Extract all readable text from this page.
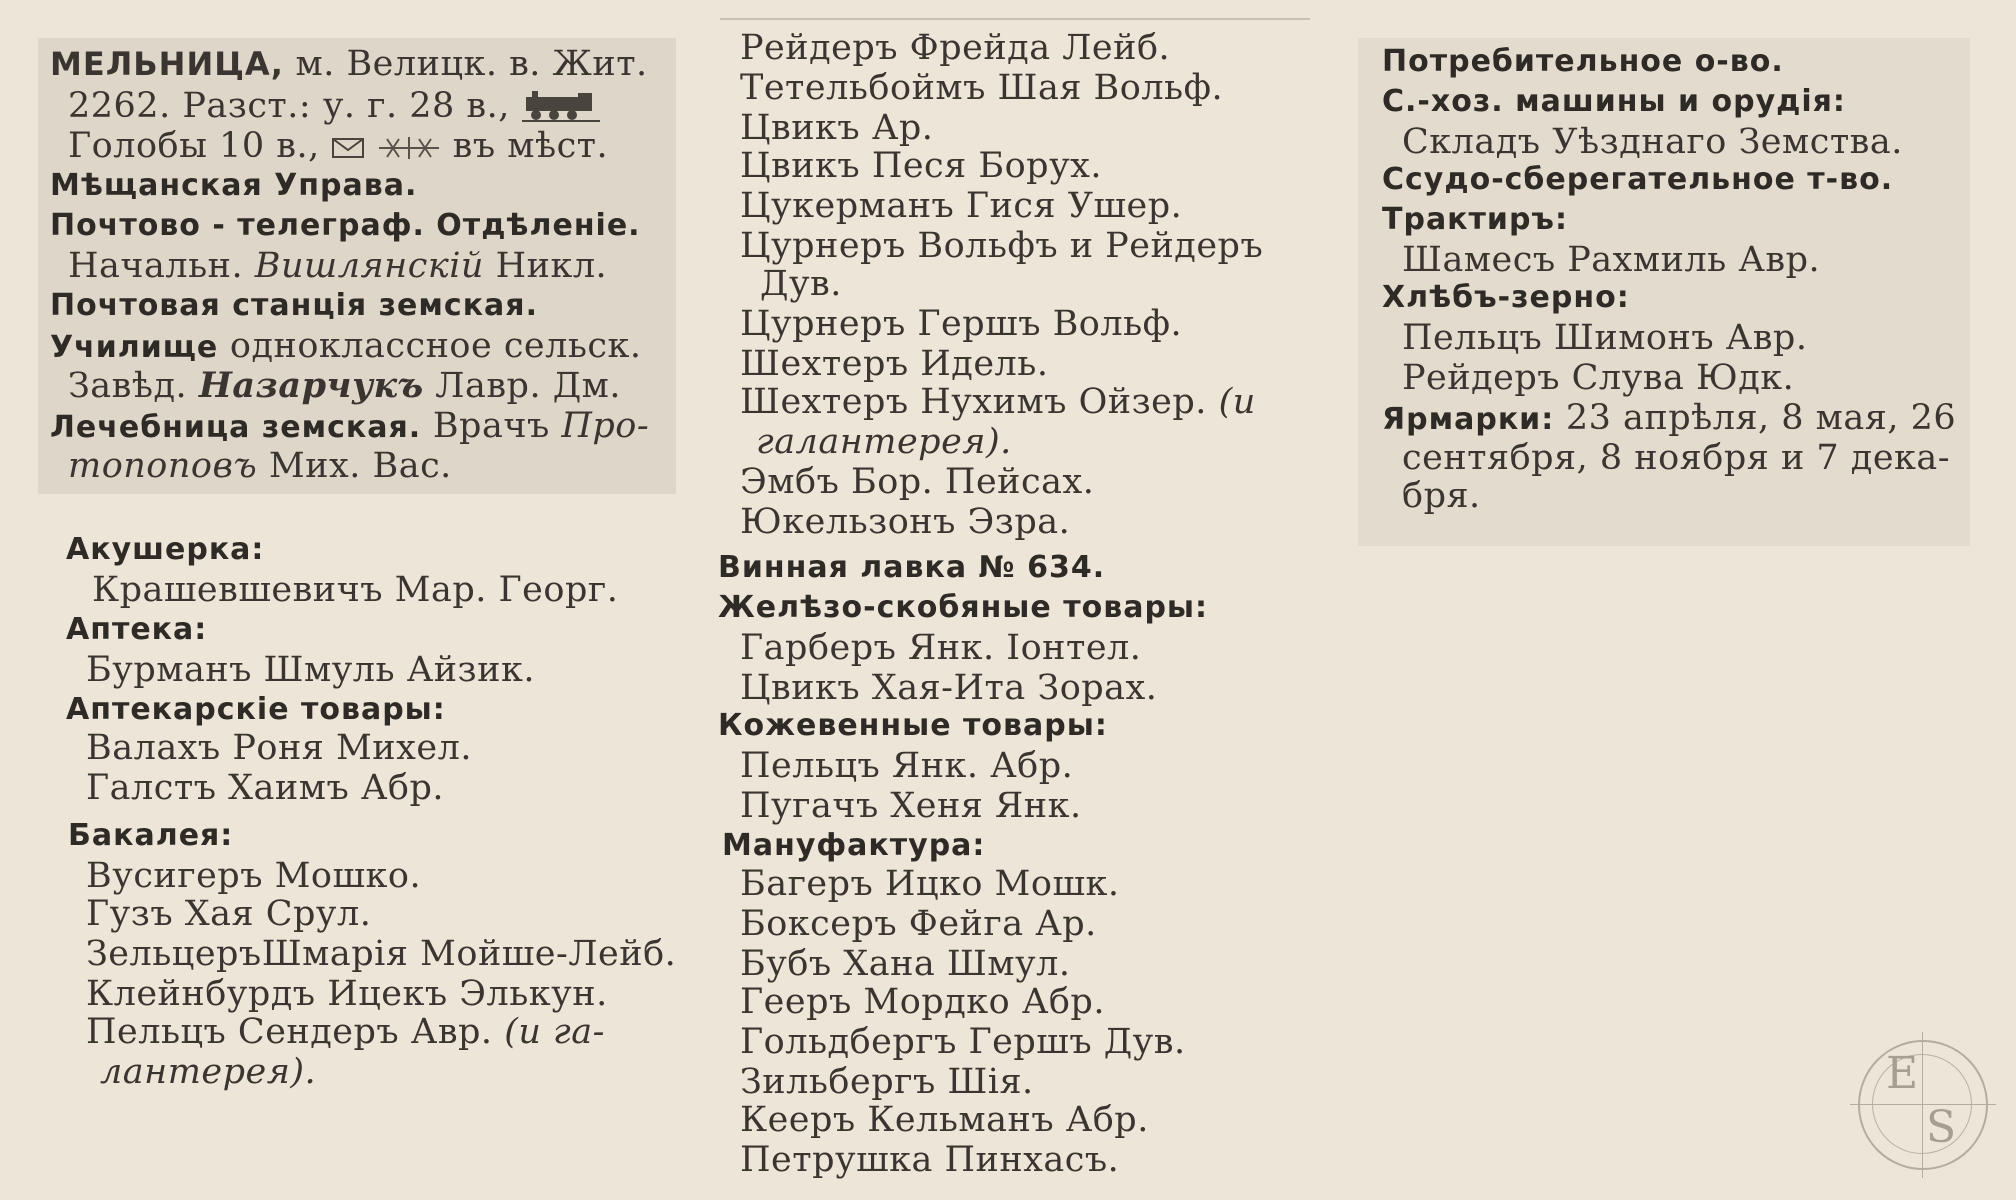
МЕЛЬНИЦА, м. Велицк. в. Жит.
2262. Разст.: у. г. 28 в.,
Голобы 10 в.,	въ мѣст.
Мѣщанская Управа.
Почтово - телеграф. Отдѣленіе.
Начальн. Вишлянскій Никл.
Почтовая станція земская.
Училище одноклассное сельск.
Завѣд. Назарчукъ Лавр. Дм.
Лечебница земская. Врачъ Про-
топоповъ Мих. Вас.
Акушерка:
Крашевшевичъ Мар. Георг.
Аптека:
Бурманъ Шмуль Айзик.
Аптекарскіе товары:
Валахъ Роня Михел.
Галстъ Хаимъ Абр.
Бакалея:
Вусигеръ Мошко.
Гузъ Хая Срул.
ЗельцеръШмарія Мойше-Лейб.
Клейнбурдъ Ицекъ Элькун.
Пельцъ Сендеръ Авр. (и га-
лантерея).
Рейдеръ Фрейда Лейб.
Тетельбоймъ Шая Вольф.
Цвикъ Ар.
Цвикъ Песя Борух.
Цукерманъ Гися Ушер.
Цурнеръ Вольфъ и Рейдеръ
Дув.
Цурнеръ Гершъ Вольф.
Шехтеръ Идель.
Шехтеръ Нухимъ Ойзер. (и
галантерея).
Эмбъ Бор. Пейсах.
Юкельзонъ Эзра.
Винная лавка № 634.
Желѣзо-скобяные товары:
Гарберъ Янк. Іонтел.
Цвикъ Хая-Ита Зорах.
Кожевенные товары:
Пельцъ Янк. Абр.
Пугачъ Хеня Янк.
Мануфактура:
Багеръ Ицко Мошк.
Боксеръ Фейга Ар.
Бубъ Хана Шмул.
Гееръ Мордко Абр.
Гольдбергъ Гершъ Дув.
Зильбергъ Шія.
Кееръ Кельманъ Абр.
Петрушка Пинхасъ.
Потребительное о-во.
С.-хоз. машины и орудія:
Складъ Уѣзднаго Земства.
Ссудо-сберегательное т-во.
Трактиръ:
Шамесъ Рахмиль Авр.
Хлѣбъ-зерно:
Пельцъ Шимонъ Авр.
Рейдеръ Слува Юдк.
Ярмарки: 23 апрѣля, 8 мая, 26
сентября, 8 ноября и 7 дека-
бря.
E
S
